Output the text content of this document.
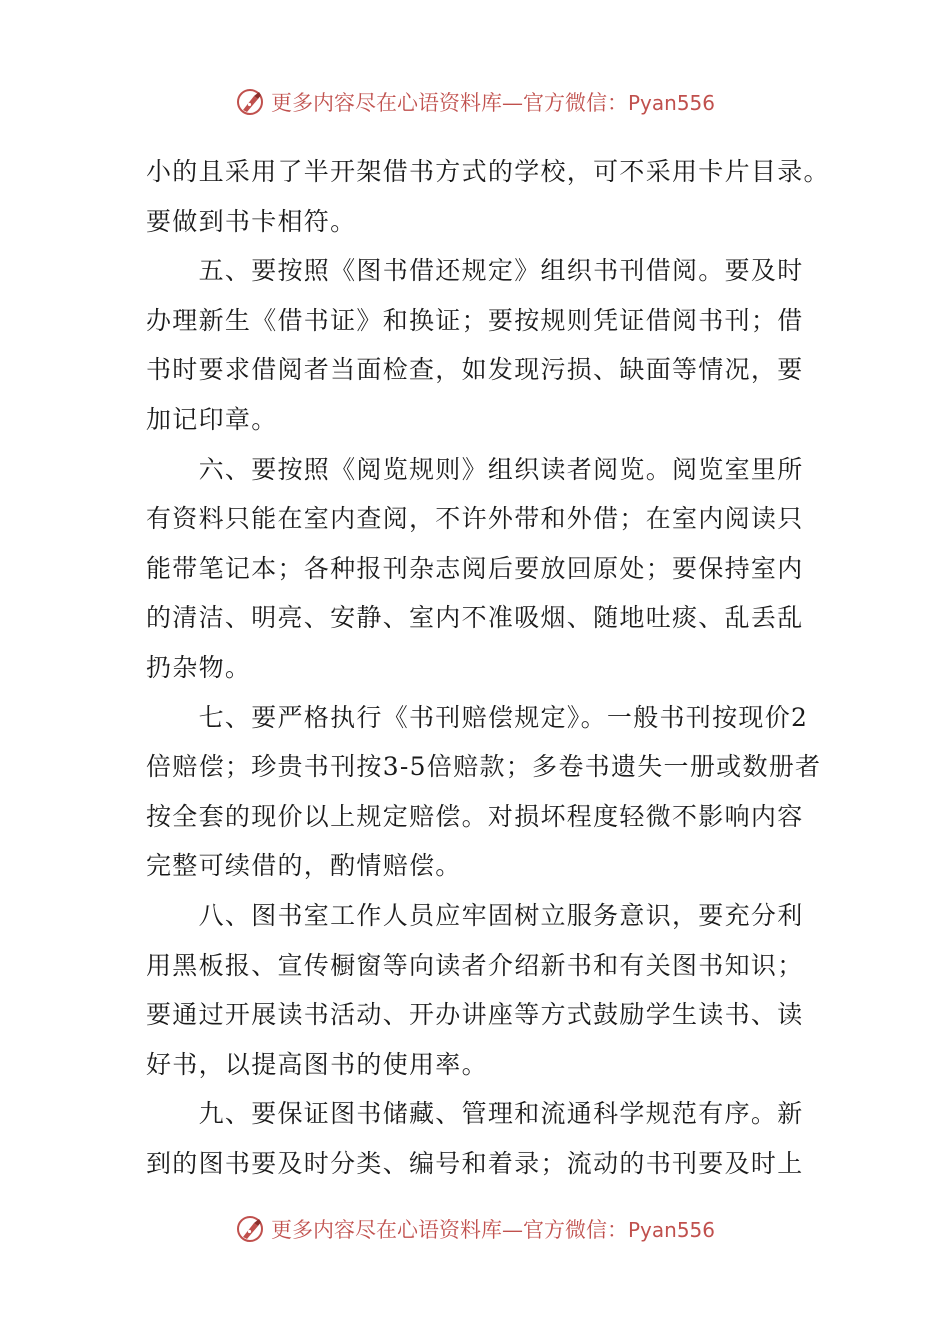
更多内容尽在心语资料库—官方微信：Pyan556
小的且采用了半开架借书方式的学校，可不采用卡片目录。
要做到书卡相符。
　　五、要按照《图书借还规定》组织书刊借阅。要及时
办理新生《借书证》和换证；要按规则凭证借阅书刊；借
书时要求借阅者当面检查，如发现污损、缺面等情况，要
加记印章。
　　六、要按照《阅览规则》组织读者阅览。阅览室里所
有资料只能在室内查阅，不许外带和外借；在室内阅读只
能带笔记本；各种报刊杂志阅后要放回原处；要保持室内
的清洁、明亮、安静、室内不准吸烟、随地吐痰、乱丢乱
扔杂物。
　　七、要严格执行《书刊赔偿规定》。一般书刊按现价2
倍赔偿；珍贵书刊按3-5倍赔款；多卷书遗失一册或数册者
按全套的现价以上规定赔偿。对损坏程度轻微不影响内容
完整可续借的，酌情赔偿。
　　八、图书室工作人员应牢固树立服务意识，要充分利
用黑板报、宣传橱窗等向读者介绍新书和有关图书知识；
要通过开展读书活动、开办讲座等方式鼓励学生读书、读
好书，以提高图书的使用率。
　　九、要保证图书储藏、管理和流通科学规范有序。新
到的图书要及时分类、编号和着录；流动的书刊要及时上
更多内容尽在心语资料库—官方微信：Pyan556
